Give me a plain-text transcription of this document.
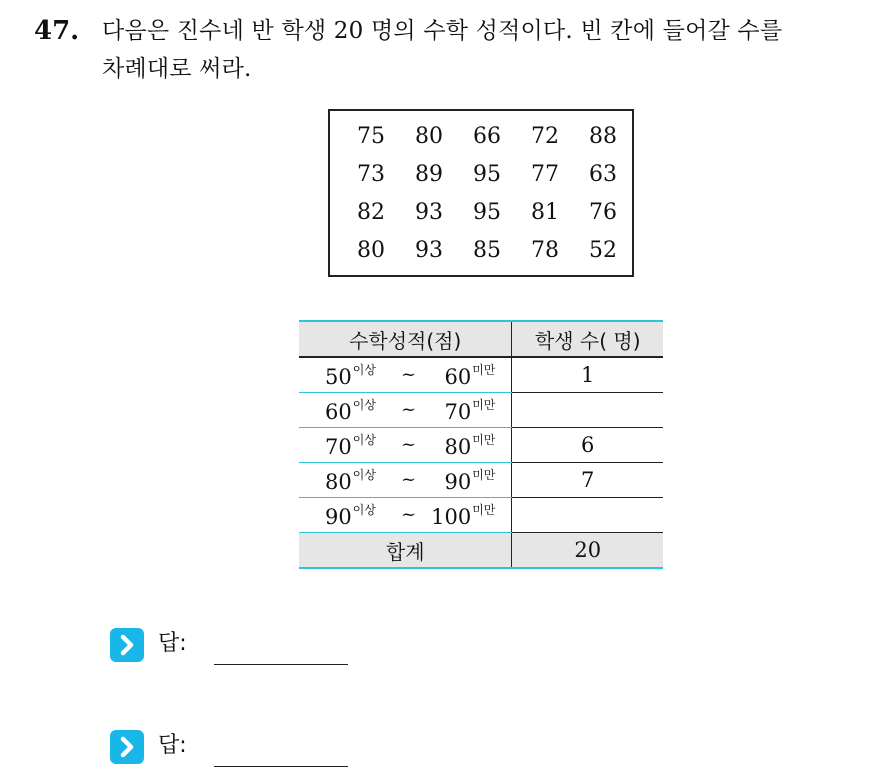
47. 다음은 진수네 반 학생 20 명의 수학 성적이다. 빈 칸에 들어갈 수를
차례대로 써라.
75	80	66	72	88
73	89	95	77	63
82	93	95	81	76
80	93	85	78	52
수학성적(점)	학생 수( 명)

$50^{이상}$ ~ $60^{미만}$	1

$60^{이상}$ ~ $70^{미만}$

$70^{이상}$ ~ $80^{미만}$	6

$80^{이상}$ ~ $90^{미만}$	7

$90^{이상}$ ~ $100^{미만}$

합계	20
답:
답:
